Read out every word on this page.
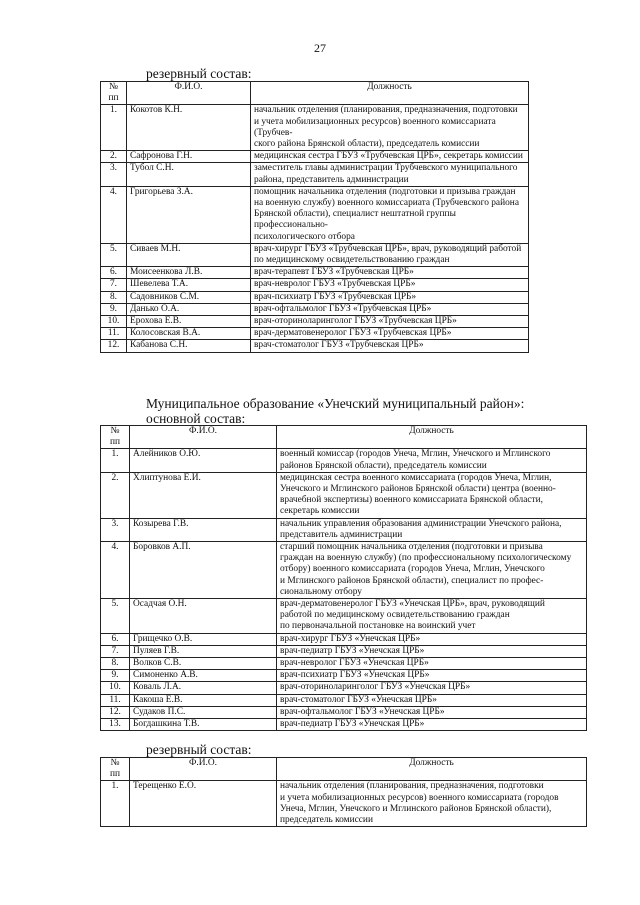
27
резервный состав:
№
пп	Ф.И.О.	Должность
1.	Кокотов К.Н.	начальник отделения (планирования, предназначения, подготовки
и учета мобилизационных ресурсов) военного комиссариата (Трубчев-
ского района Брянской области), председатель комиссии

2.	Сафронова Г.Н.	медицинская сестра ГБУЗ «Трубчевская ЦРБ», секретарь комиссии

3.	Тубол С.Н.	заместитель главы администрации Трубчевского муниципального
района, представитель администрации

4.	Григорьева З.А.	помощник начальника отделения (подготовки и призыва граждан
на военную службу) военного комиссариата (Трубчевского района
Брянской области), специалист нештатной группы профессионально-
психологического отбора

5.	Сиваев М.Н.	врач-хирург ГБУЗ «Трубчевская ЦРБ», врач, руководящий работой
по медицинскому освидетельствованию граждан

6.	Моисеенкова Л.В.	врач-терапевт ГБУЗ «Трубчевская ЦРБ»

7.	Шевелева Т.А.	врач-невролог ГБУЗ «Трубчевская ЦРБ»

8.	Садовников С.М.	врач-психиатр ГБУЗ «Трубчевская ЦРБ»

9.	Данько О.А.	врач-офтальмолог ГБУЗ «Трубчевская ЦРБ»

10.	Ерохова Е.В.	врач-оториноларинголог ГБУЗ «Трубчевская ЦРБ»

11.	Колосовская В.А.	врач-дерматовенеролог ГБУЗ «Трубчевская ЦРБ»

12.	Кабанова С.Н.	врач-стоматолог ГБУЗ «Трубчевская ЦРБ»
Муниципальное образование «Унечский муниципальный район»:
основной состав:
№
пп	Ф.И.О.	Должность
1.	Алейников О.Ю.	военный комиссар (городов Унеча, Мглин, Унечского и Мглинского
районов Брянской области), председатель комиссии

2.	Хлиптунова Е.И.	медицинская сестра военного комиссариата (городов Унеча, Мглин,
Унечского и Мглинского районов Брянской области) центра (военно-
врачебной экспертизы) военного комиссариата Брянской области,
секретарь комиссии

3.	Козырева Г.В.	начальник управления образования администрации Унечского района,
представитель администрации

4.	Боровков А.П.	старший помощник начальника отделения (подготовки и призыва
граждан на военную службу) (по профессиональному психологическому
отбору) военного комиссариата (городов Унеча, Мглин, Унечского
и Мглинского районов Брянской области), специалист по профес-
сиональному отбору

5.	Осадчая О.Н.	врач-дерматовенеролог ГБУЗ «Унечская ЦРБ», врач, руководящий
работой по медицинскому освидетельствованию граждан
по первоначальной постановке на воинский учет

6.	Грищечко О.В.	врач-хирург ГБУЗ «Унечская ЦРБ»

7.	Пуляев Г.В.	врач-педиатр ГБУЗ «Унечская ЦРБ»

8.	Волков С.В.	врач-невролог ГБУЗ «Унечская ЦРБ»

9.	Симоненко А.В.	врач-психиатр ГБУЗ «Унечская ЦРБ»

10.	Коваль Л.А.	врач-оториноларинголог ГБУЗ «Унечская ЦРБ»

11.	Какоша Е.В.	врач-стоматолог ГБУЗ «Унечская ЦРБ»

12.	Судаков П.С.	врач-офтальмолог ГБУЗ «Унечская ЦРБ»

13.	Богдашкина Т.В.	врач-педиатр ГБУЗ «Унечская ЦРБ»
резервный состав:
№
пп	Ф.И.О.	Должность
1.	Терещенко Е.О.	начальник отделения (планирования, предназначения, подготовки
и учета мобилизационных ресурсов) военного комиссариата (городов
Унеча, Мглин, Унечского и Мглинского районов Брянской области),
председатель комиссии
